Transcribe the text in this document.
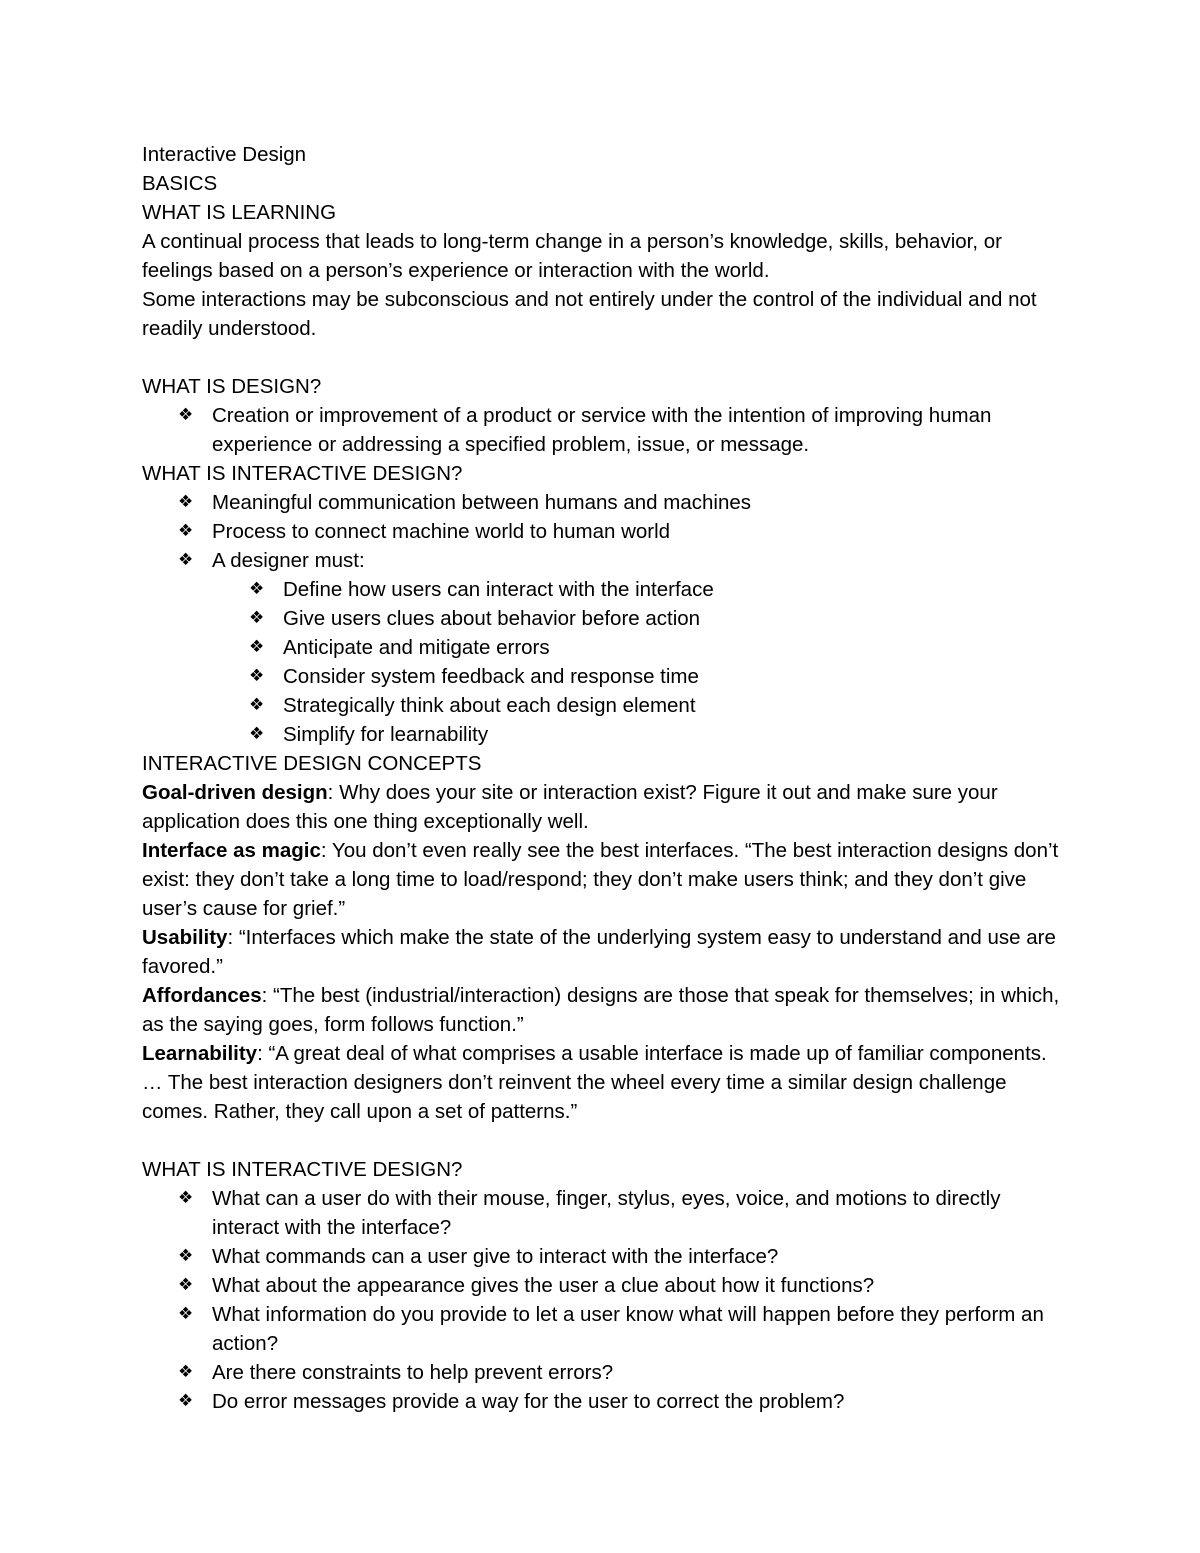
Interactive Design

BASICS

WHAT IS LEARNING

A continual process that leads to long-term change in a person’s knowledge, skills, behavior, or feelings based on a person’s experience or interaction with the world.

Some interactions may be subconscious and not entirely under the control of the individual and not readily understood.

WHAT IS DESIGN?

❖ Creation or improvement of a product or service with the intention of improving human experience or addressing a specified problem, issue, or message.

WHAT IS INTERACTIVE DESIGN?

❖ Meaningful communication between humans and machines
❖ Process to connect machine world to human world
❖ A designer must:
❖ Define how users can interact with the interface
❖ Give users clues about behavior before action
❖ Anticipate and mitigate errors
❖ Consider system feedback and response time
❖ Strategically think about each design element
❖ Simplify for learnability

INTERACTIVE DESIGN CONCEPTS

Goal-driven design: Why does your site or interaction exist? Figure it out and make sure your application does this one thing exceptionally well.

Interface as magic: You don’t even really see the best interfaces. “The best interaction designs don’t exist: they don’t take a long time to load/respond; they don’t make users think; and they don’t give user’s cause for grief.”

Usability: “Interfaces which make the state of the underlying system easy to understand and use are favored.”

Affordances: “The best (industrial/interaction) designs are those that speak for themselves; in which, as the saying goes, form follows function.”

Learnability: “A great deal of what comprises a usable interface is made up of familiar components. … The best interaction designers don’t reinvent the wheel every time a similar design challenge comes. Rather, they call upon a set of patterns.”

WHAT IS INTERACTIVE DESIGN?

❖ What can a user do with their mouse, finger, stylus, eyes, voice, and motions to directly interact with the interface?
❖ What commands can a user give to interact with the interface?
❖ What about the appearance gives the user a clue about how it functions?
❖ What information do you provide to let a user know what will happen before they perform an action?
❖ Are there constraints to help prevent errors?
❖ Do error messages provide a way for the user to correct the problem?
